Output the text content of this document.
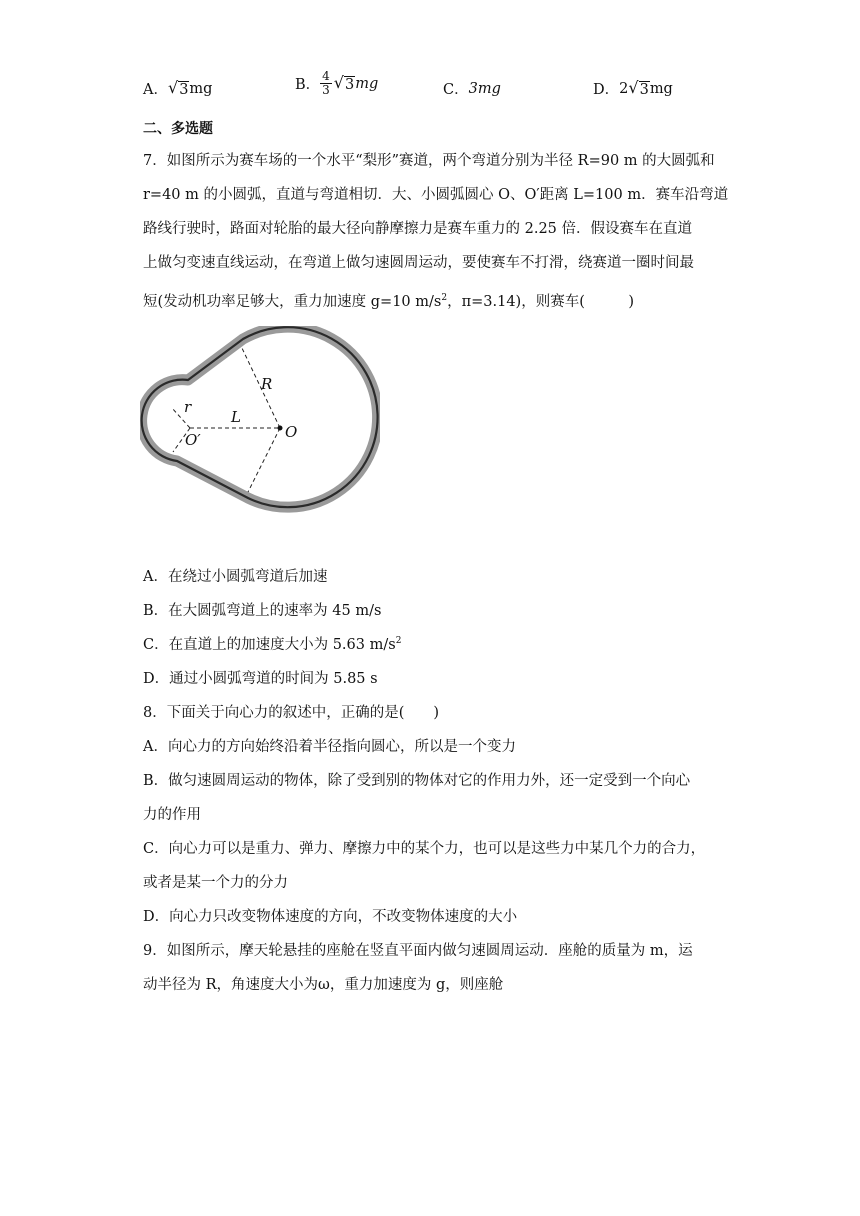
A． √ 3 mg	B． $\frac{4}{3}$ √ 3 mg	C． 3mg	D． 2 √ 3 mg
二、多选题
7．如图所示为赛车场的一个水平“梨形”赛道，两个弯道分别为半径 R=90 m 的大圆弧和
r=40 m 的小圆弧，直道与弯道相切．大、小圆弧圆心 O、O′距离 L=100 m．赛车沿弯道
路线行驶时，路面对轮胎的最大径向静摩擦力是赛车重力的 2.25 倍．假设赛车在直道
上做匀变速直线运动，在弯道上做匀速圆周运动，要使赛车不打滑，绕赛道一圈时间最
短(发动机功率足够大，重力加速度 g=10 $m/s^2$，π=3.14)，则赛车(　　　)
R
r
L
O
O′
A．在绕过小圆弧弯道后加速
B．在大圆弧弯道上的速率为 45 m/s
C．在直道上的加速度大小为 5.63 $m/s^2$
D．通过小圆弧弯道的时间为 5.85 s
8．下面关于向心力的叙述中，正确的是(　　)
A．向心力的方向始终沿着半径指向圆心，所以是一个变力
B．做匀速圆周运动的物体，除了受到别的物体对它的作用力外，还一定受到一个向心
力的作用
C．向心力可以是重力、弹力、摩擦力中的某个力，也可以是这些力中某几个力的合力，
或者是某一个力的分力
D．向心力只改变物体速度的方向，不改变物体速度的大小
9．如图所示，摩天轮悬挂的座舱在竖直平面内做匀速圆周运动．座舱的质量为 m，运
动半径为 R，角速度大小为ω，重力加速度为 g，则座舱
